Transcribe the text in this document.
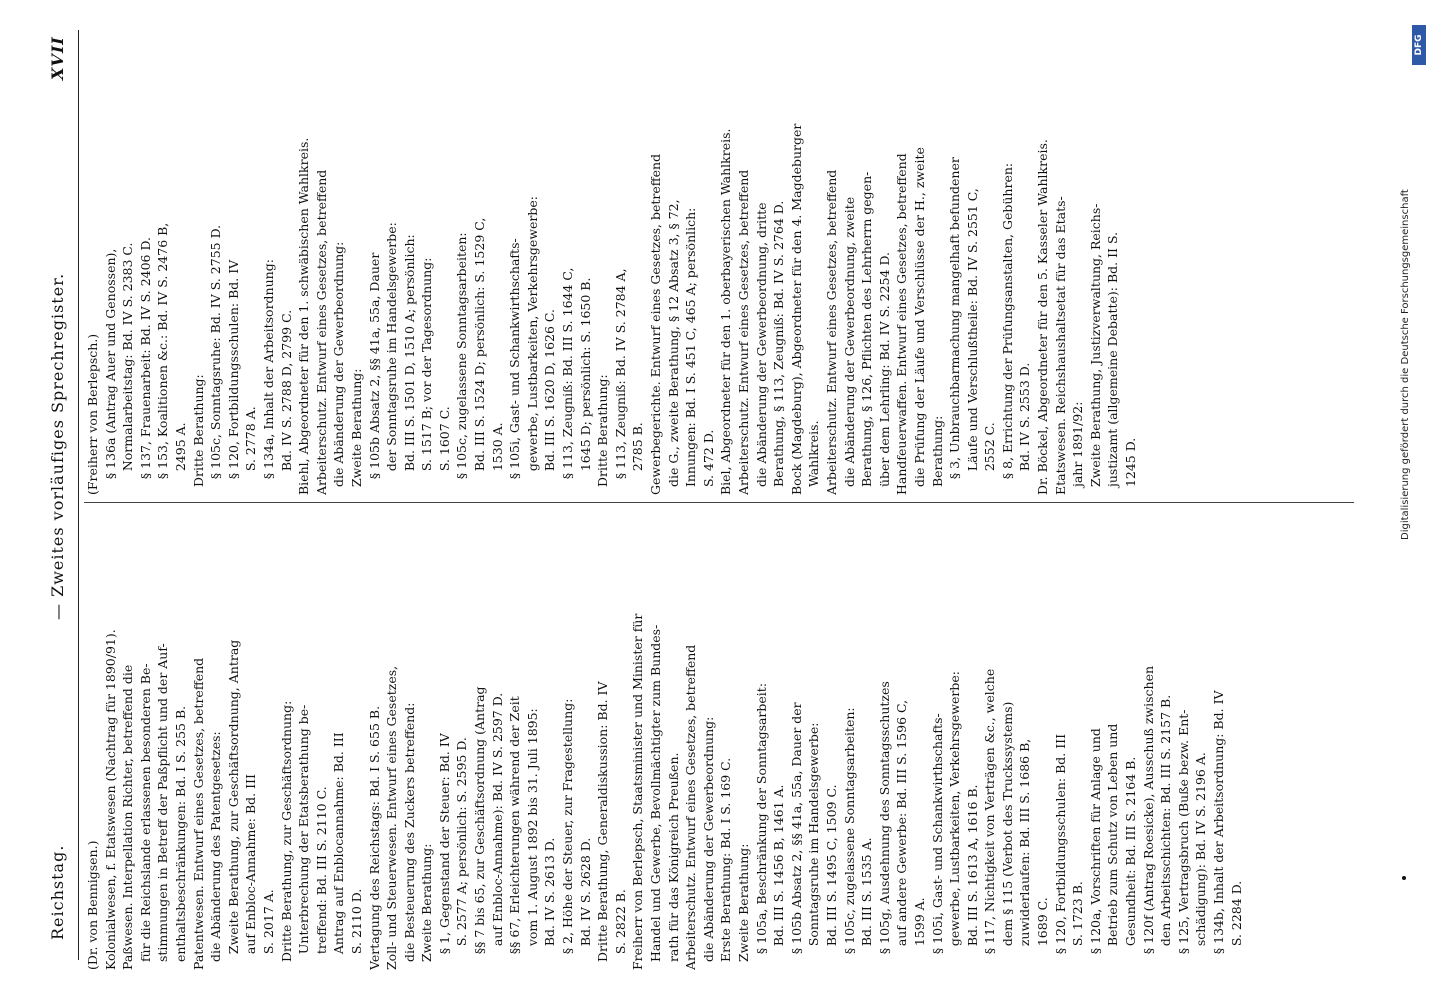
Reichstag.
— Zweites vorläufiges Sprechregister.
XVII
(Dr. von Bennigsen.) Kolonialwesen, f. Etatswesen (Nachtrag für 1890/91). Paßwesen. Interpellation Richter, betreffend die für die Reichslande erlassenen besonderen Be- stimmungen in Betreff der Paßpflicht und der Auf- enthaltsbeschränkungen: Bd. I S. 255 B. Patentwesen. Entwurf eines Gesetzes, betreffend die Abänderung des Patentgesetzes: Zweite Berathung, zur Geschäftsordnung, Antrag auf Enbloc-Annahme: Bd. III S. 2017 A. Dritte Berathung, zur Geschäftsordnung: Unterbrechung der Etatsberathung be- treffend: Bd. III S. 2110 C. Antrag auf Enblocannahme: Bd. III S. 2110 D. Vertagung des Reichstags: Bd. I S. 655 B. Zoll- und Steuerwesen. Entwurf eines Gesetzes, die Besteuerung des Zuckers betreffend: Zweite Berathung: § 1, Gegenstand der Steuer: Bd. IV S. 2577 A; persönlich: S. 2595 D. §§ 7 bis 65, zur Geschäftsordnung (Antrag auf Enbloc-Annahme): Bd. IV S. 2597 D. §§ 67, Erleichterungen während der Zeit vom 1. August 1892 bis 31. Juli 1895: Bd. IV S. 2613 D. § 2, Höhe der Steuer, zur Fragestellung: Bd. IV S. 2628 D. Dritte Berathung, Generaldiskussion: Bd. IV S. 2822 B. Freiherr von Berlepsch, Staatsminister und Minister für Handel und Gewerbe, Bevollmächtigter zum Bundes- rath für das Königreich Preußen. Arbeiterschutz. Entwurf eines Gesetzes, betreffend die Abänderung der Gewerbeordnung: Erste Berathung: Bd. I S. 169 C. Zweite Berathung: § 105a, Beschränkung der Sonntagsarbeit: Bd. III S. 1456 B, 1461 A. § 105b Absatz 2, §§ 41a, 55a, Dauer der Sonntagsruhe im Handelsgewerbe: Bd. III S. 1495 C, 1509 C. § 105c, zugelassene Sonntagsarbeiten: Bd. III S. 1535 A. § 105g, Ausdehnung des Sonntagsschutzes auf andere Gewerbe: Bd. III S. 1596 C, 1599 A. § 105i, Gast- und Schankwirthschafts- gewerbe, Lustbarkeiten, Verkehrsgewerbe: Bd. III S. 1613 A, 1616 B. § 117, Nichtigkeit von Verträgen &c., welche dem § 115 (Verbot des Truckssystems) zuwiderlaufen: Bd. III S. 1686 B, 1689 C. § 120, Fortbildungsschulen: Bd. III S. 1723 B. § 120a, Vorschriften für Anlage und Betrieb zum Schutz von Leben und Gesundheit: Bd. III S. 2164 B. § 120f (Antrag Roesicke), Ausschuß zwischen den Arbeitsschichten: Bd. III S. 2157 B. § 125, Vertragsbruch (Buße bezw. Ent- schädigung): Bd. IV S. 2196 A. § 134b, Inhalt der Arbeitsordnung: Bd. IV S. 2284 D.
(Freiherr von Berlepsch.) § 136a (Antrag Auer und Genossen), Normalarbeitstag: Bd. IV S. 2383 C. § 137, Frauenarbeit: Bd. IV S. 2406 D. § 153, Koalitionen &c.: Bd. IV S. 2476 B, 2495 A. Dritte Berathung: § 105c, Sonntagsruhe: Bd. IV S. 2755 D. § 120, Fortbildungsschulen: Bd. IV S. 2778 A. § 134a, Inhalt der Arbeitsordnung: Bd. IV S. 2788 D, 2799 C. Biehl, Abgeordneter für den 1. schwäbischen Wahlkreis. Arbeiterschutz. Entwurf eines Gesetzes, betreffend die Abänderung der Gewerbeordnung: Zweite Berathung: § 105b Absatz 2, §§ 41a, 55a, Dauer der Sonntagsruhe im Handelsgewerbe: Bd. III S. 1501 D, 1510 A; persönlich: S. 1517 B; vor der Tagesordnung: S. 1607 C. § 105c, zugelassene Sonntagsarbeiten: Bd. III S. 1524 D; persönlich: S. 1529 C, 1530 A. § 105i, Gast- und Schankwirthschafts- gewerbe, Lustbarkeiten, Verkehrsgewerbe: Bd. III S. 1620 D, 1626 C. § 113, Zeugniß: Bd. III S. 1644 C, 1645 D; persönlich: S. 1650 B. Dritte Berathung: § 113, Zeugniß: Bd. IV S. 2784 A, 2785 B. Gewerbegerichte. Entwurf eines Gesetzes, betreffend die G., zweite Berathung, § 12 Absatz 3, § 72, Innungen: Bd. I S. 451 C, 465 A; persönlich: S. 472 D. Biel, Abgeordneter für den 1. oberbayerischen Wahlkreis. Arbeiterschutz. Entwurf eines Gesetzes, betreffend die Abänderung der Gewerbeordnung, dritte Berathung, § 113, Zeugniß: Bd. IV S. 2764 D. Bock (Magdeburg), Abgeordneter für den 4. Magdeburger Wahlkreis. Arbeiterschutz. Entwurf eines Gesetzes, betreffend die Abänderung der Gewerbeordnung, zweite Berathung, § 126, Pflichten des Lehrherrn gegen- über dem Lehrling: Bd. IV S. 2254 D. Handfeuerwaffen. Entwurf eines Gesetzes, betreffend die Prüfung der Läufe und Verschlüsse der H., zweite Berathung: § 3, Unbrauchbarmachung mangelhaft befundener Läufe und Verschlußtheile: Bd. IV S. 2551 C, 2552 C. § 8, Errichtung der Prüfungsanstalten, Gebühren: Bd. IV S. 2553 D. Dr. Böckel, Abgeordneter für den 5. Kasseler Wahlkreis. Etatswesen. Reichshaushaltsetat für das Etats- jahr 1891/92: Zweite Berathung, Justizverwaltung, Reichs- justizamt (allgemeine Debatte): Bd. II S. 1245 D.	Digitalisierung gefördert durch die Deutsche Forschungsgemeinschaft
DFG
